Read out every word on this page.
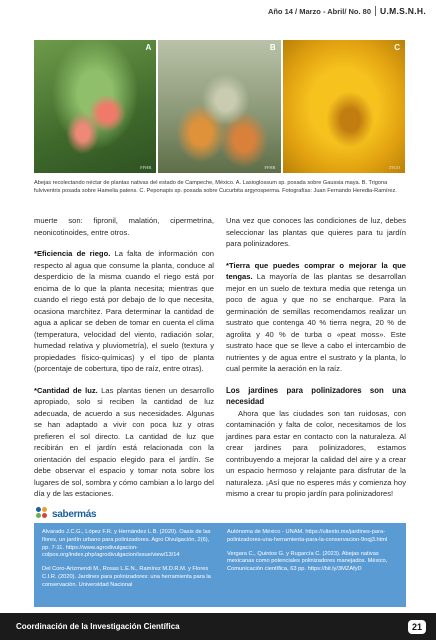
Año 14 / Marzo - Abril/ No. 80 U.M.S.N.H.
A
FFHR
B
FFHR
C
JTGO

Abejas recolectando néctar de plantas nativas del estado de Campeche, México. A. Lasioglossum sp. posada sobre Gaussia maya. B. Trigona fulviventris posada sobre Hamelia patens. C. Peponapis sp. posada sobre Cucurbita argyrosperma. Fotografías: Juan Fernando Heredia-Ramírez.

muerte son: fipronil, malatión, cipermetrina, neonicotinoides, entre otros.

*Eficiencia de riego. La falta de información con respecto al agua que consume la planta, conduce al desperdicio de la misma cuando el riego está por encima de lo que la planta necesita; mientras que cuando el riego está por debajo de lo que necesita, ocasiona marchitez. Para determinar la cantidad de agua a aplicar se deben de tomar en cuenta el clima (temperatura, velocidad del viento, radiación solar, humedad relativa y pluviometría), el suelo (textura y propiedades físico-químicas) y el tipo de planta (porcentaje de cobertura, tipo de raíz, entre otras).

*Cantidad de luz. Las plantas tienen un desarrollo apropiado, solo si reciben la cantidad de luz adecuada, de acuerdo a sus necesidades. Algunas se han adaptado a vivir con poca luz y otras prefieren el sol directo. La cantidad de luz que recibirán en el jardín está relacionada con la orientación del espacio elegido para el jardín. Se debe observar el espacio y tomar nota sobre los lugares de sol, sombra y cómo cambian a lo largo del día y de las estaciones.

Una vez que conoces las condiciones de luz, debes seleccionar las plantas que quieres para tu jardín para polinizadores.

*Tierra que puedes comprar o mejorar la que tengas. La mayoría de las plantas se desarrollan mejor en un suelo de textura media que retenga un poco de agua y que no se encharque. Para la germinación de semillas recomendamos realizar un sustrato que contenga 40 % tierra negra, 20 % de agrolita y 40 % de turba o «peat moss». Este sustrato hace que se lleve a cabo el intercambio de nutrientes y de agua entre el sustrato y la planta, lo cual permite la aeración en la raíz.

Los jardines para polinizadores son una necesidad

Ahora que las ciudades son tan ruidosas, con contaminación y falta de color, necesitamos de los jardines para estar en contacto con la naturaleza. Al crear jardines para polinizadores, estamos contribuyendo a mejorar la calidad del aire y a crear un espacio hermoso y relajante para disfrutar de la naturaleza. ¡Así que no esperes más y comienza hoy mismo a crear tu propio jardín para polinizadores!

sabermás

Alvarado J.C.G., López F.R. y Hernández L.B. (2020). Oasis de las flores, un jardín urbano para polinizadores. Agro Divulgación, 2(6), pp. 7-11. https://www.agrodivulgacion-colpos.org/index.php/agrodivulgacion/issue/view/13/14

Del Coro-Arizmendi M., Rosas L.E.N., Ramírez M.D.R.M. y Flores C.I.R. (2020). Jardines para polinizadores: una herramienta para la conservación. Universidad Nacional

Autónoma de México - UNAM. https://ultexto.mx/jardines-para-polinizadores-una-herramienta-para-la-conservacion-9nqj3.html

Vergara C., Quintos G. y Rugarcía C. (2023). Abejas nativas mexicanas como potenciales polinizadores manejados. México, Comunicación científica, 63 pp. https://bit.ly/3MZAfyD

Coordinación de la Investigación Científica	21
